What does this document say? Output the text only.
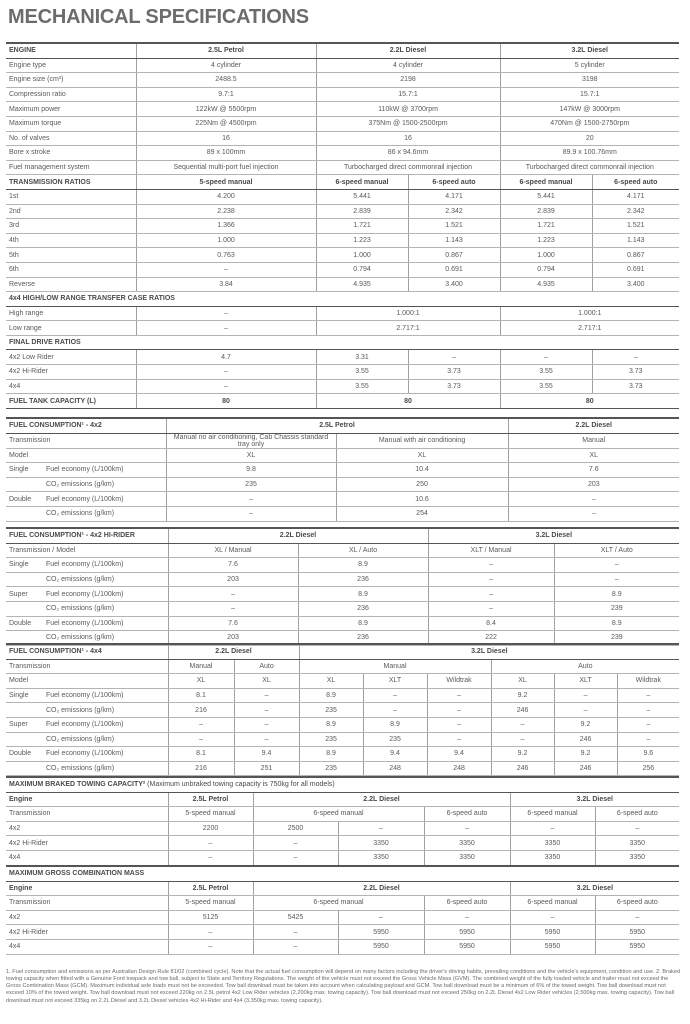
MECHANICAL SPECIFICATIONS
ENGINE	2.5L Petrol	2.2L Diesel		3.2L Diesel	
Engine type	4 cylinder	4 cylinder		5 cylinder	
Engine size (cm³)	2488.5	2198		3198	
Compression ratio	9.7:1	15.7:1		15.7:1	
Maximum power	122kW @ 5500rpm	110kW @ 3700rpm		147kW @ 3000rpm	
Maximum torque	225Nm @ 4500rpm	375Nm @ 1500-2500rpm		470Nm @ 1500-2750rpm	
No. of valves	16	16		20	
Bore x stroke	89 x 100mm	86 x 94.6mm		89.9 x 100.76mm	
Fuel management system	Sequential multi-port fuel injection	Turbocharged direct commonrail injection		Turbocharged direct commonrail injection	
TRANSMISSION RATIOS	5-speed manual	6-speed manual	6-speed auto	6-speed manual	6-speed auto
1st	4.200	5.441	4.171	5.441	4.171
2nd	2.238	2.839	2.342	2.839	2.342
3rd	1.366	1.721	1.521	1.721	1.521
4th	1.000	1.223	1.143	1.223	1.143
5th	0.763	1.000	0.867	1.000	0.867
6th	–	0.794	0.691	0.794	0.691
Reverse	3.84	4.935	3.400	4.935	3.400
4x4 HIGH/LOW RANGE TRANSFER CASE RATIOS					
High range	–	1.000:1		1.000:1	
Low range	–	2.717:1		2.717:1	
FINAL DRIVE RATIOS					
4x2 Low Rider	4.7	3.31	–	–	–
4x2 Hi-Rider	–	3.55	3.73	3.55	3.73
4x4	–	3.55	3.73	3.55	3.73
FUEL TANK CAPACITY (L)	80	80		80	
FUEL CONSUMPTION¹ - 4x2		2.5L Petrol		2.2L Diesel
Transmission		Manual no air conditioning, Cab Chassis standard tray only	Manual with air conditioning	Manual
Model		XL	XL	XL
Single	Fuel economy (L/100km)	9.8	10.4	7.6
	CO₂ emissions (g/km)	235	250	203
Double	Fuel economy (L/100km)	–	10.6	–
	CO₂ emissions (g/km)	–	254	–
FUEL CONSUMPTION¹ - 4x2 HI-RIDER		2.2L Diesel		3.2L Diesel	
Transmission / Model		XL / Manual	XL / Auto	XLT / Manual	XLT / Auto
Single	Fuel economy (L/100km)	7.6	8.9	–	–
	CO₂ emissions (g/km)	203	236	–	–
Super	Fuel economy (L/100km)	–	8.9	–	8.9
	CO₂ emissions (g/km)	–	236	–	239
Double	Fuel economy (L/100km)	7.6	8.9	8.4	8.9
	CO₂ emissions (g/km)	203	236	222	239
FUEL CONSUMPTION¹ - 4x4		2.2L Diesel		3.2L Diesel					
Transmission		Manual	Auto	Manual			Auto		
Model		XL	XL	XL	XLT	Wildtrak	XL	XLT	Wildtrak
Single	Fuel economy (L/100km)	8.1	–	8.9	–	–	9.2	–	–
	CO₂ emissions (g/km)	216	–	235	–	–	246	–	–
Super	Fuel economy (L/100km)	–	–	8.9	8.9	–	–	9.2	–
	CO₂ emissions (g/km)	–	–	235	235	–	–	246	–
Double	Fuel economy (L/100km)	8.1	9.4	8.9	9.4	9.4	9.2	9.2	9.6
	CO₂ emissions (g/km)	216	251	235	248	248	246	246	256
MAXIMUM BRAKED TOWING CAPACITY² (Maximum unbraked towing capacity is 750kg for all models)						
Engine	2.5L Petrol	2.2L Diesel			3.2L Diesel	
Transmission	5-speed manual	6-speed manual		6-speed auto	6-speed manual	6-speed auto
4x2	2200	2500	–	–	–	–
4x2 Hi-Rider	–	–	3350	3350	3350	3350
4x4	–	–	3350	3350	3350	3350
MAXIMUM GROSS COMBINATION MASS						
Engine	2.5L Petrol	2.2L Diesel			3.2L Diesel	
Transmission	5-speed manual	6-speed manual		6-speed auto	6-speed manual	6-speed auto
4x2	5125	5425	–	–	–	–
4x2 Hi-Rider	–	–	5950	5950	5950	5950
4x4	–	–	5950	5950	5950	5950
1. Fuel consumption and emissions as per Australian Design Rule 81/02 (combined cycle). Note that the actual fuel consumption will depend on many factors including the driver's driving habits, prevailing conditions and the vehicle's equipment, condition and use. 2. Braked towing capacity when fitted with a Genuine Ford towpack and tow ball, subject to State and Territory Regulations. The weight of the vehicle must not exceed the Gross Vehicle Mass (GVM). The combined weight of the fully loaded vehicle and trailer must not exceed the Gross Combination Mass (GCM). Maximum individual axle loads must not be exceeded. Tow ball download must be taken into account when calculating payload and GCM. Tow ball download must be a minimum of 6% of the towed weight. Tow ball download must not exceed 10% of the towed weight. Tow ball download must not exceed 220kg on 2.5L petrol 4x2 Low Rider vehicles (2,200kg max. towing capacity). Tow ball download must not exceed 250kg on 2.2L Diesel 4x2 Low Rider vehicles (2,500kg max. towing capacity). Tow ball download must not exceed 335kg on 2.2L Diesel and 3.2L Diesel vehicles 4x2 Hi-Rider and 4x4 (3,350kg max. towing capacity).
